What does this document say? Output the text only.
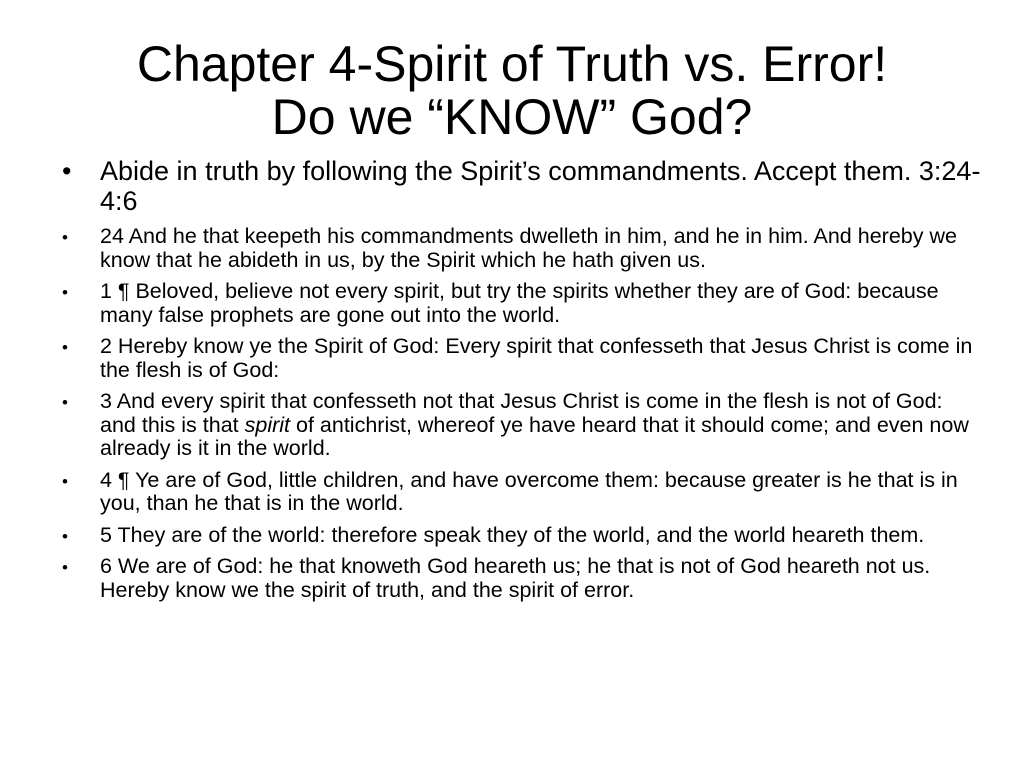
Chapter 4-Spirit of Truth vs. Error!
Do we “KNOW” God?
• Abide in truth by following the Spirit’s commandments. Accept them. 3:24-4:6
• 24 And he that keepeth his commandments dwelleth in him, and he in him. And hereby we know that he abideth in us, by the Spirit which he hath given us.
• 1 ¶ Beloved, believe not every spirit, but try the spirits whether they are of God: because many false prophets are gone out into the world.
• 2 Hereby know ye the Spirit of God: Every spirit that confesseth that Jesus Christ is come in the flesh is of God:
• 3 And every spirit that confesseth not that Jesus Christ is come in the flesh is not of God: and this is that spirit of antichrist, whereof ye have heard that it should come; and even now already is it in the world.
• 4 ¶ Ye are of God, little children, and have overcome them: because greater is he that is in you, than he that is in the world.
• 5 They are of the world: therefore speak they of the world, and the world heareth them.
• 6 We are of God: he that knoweth God heareth us; he that is not of God heareth not us. Hereby know we the spirit of truth, and the spirit of error.
